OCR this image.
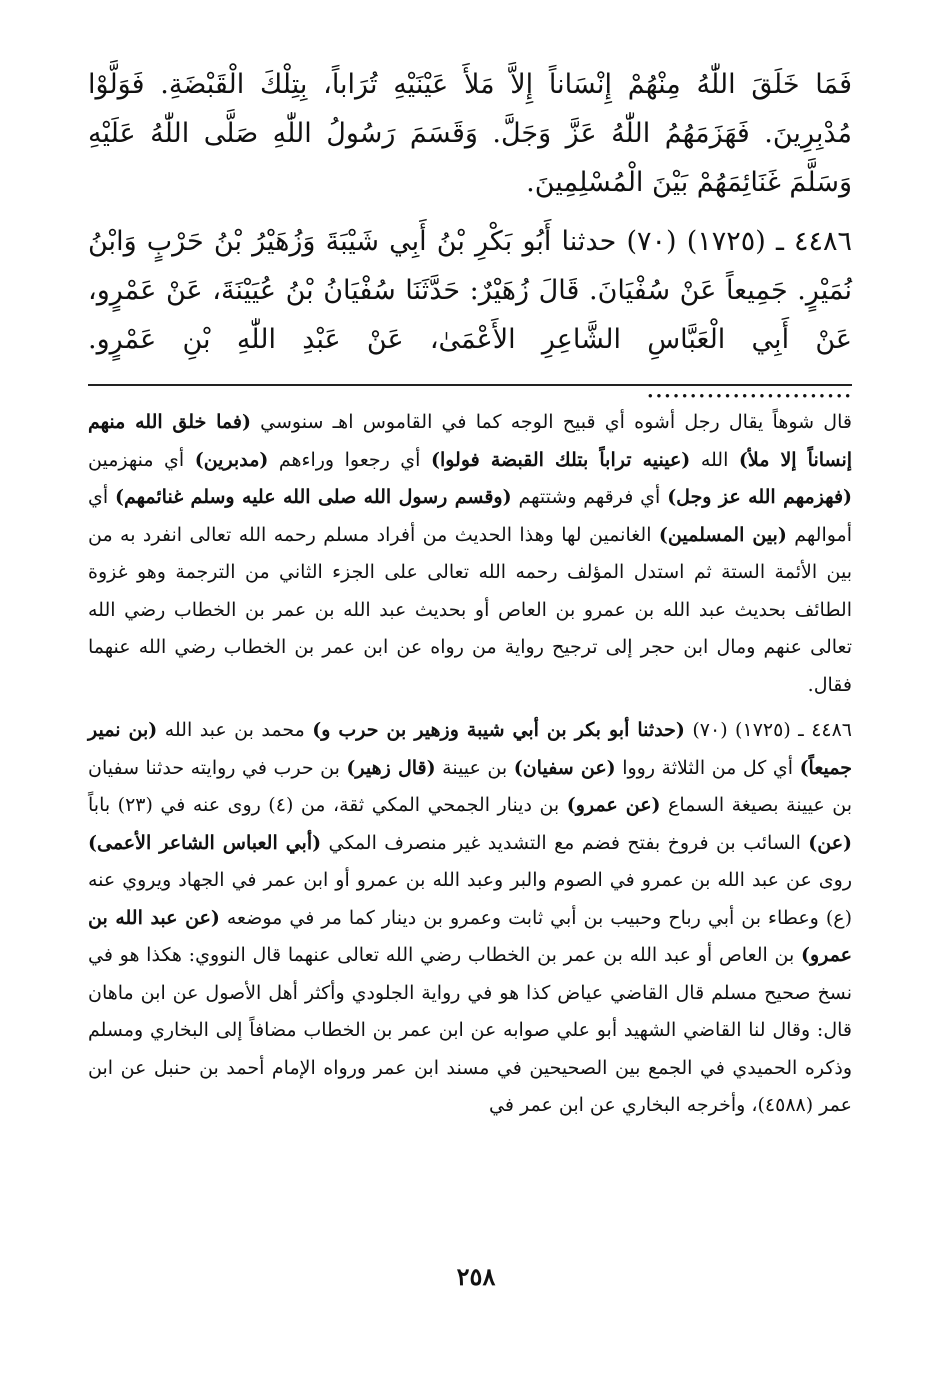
فَمَا خَلَقَ اللّٰهُ مِنْهُمْ إِنْسَاناً إِلاَّ مَلأَ عَيْنَيْهِ تُرَاباً، بِتِلْكَ الْقَبْضَةِ. فَوَلَّوْا مُدْبِرِينَ. فَهَزَمَهُمُ اللّٰهُ عَزَّ وَجَلَّ. وَقَسَمَ رَسُولُ اللّٰهِ صَلَّى اللّٰهُ عَلَيْهِ وَسَلَّمَ غَنَائِمَهُمْ بَيْنَ الْمُسْلِمِينَ.

٤٤٨٦ ـ (١٧٢٥) (٧٠) حدثنا أَبُو بَكْرِ بْنُ أَبِي شَيْبَةَ وَزُهَيْرُ بْنُ حَرْبٍ وَابْنُ نُمَيْرٍ. جَمِيعاً عَنْ سُفْيَانَ. قَالَ زُهَيْرٌ: حَدَّثَنَا سُفْيَانُ بْنُ عُيَيْنَةَ، عَنْ عَمْرٍو، عَنْ أَبِي الْعَبَّاسِ الشَّاعِرِ الأَعْمَىٰ، عَنْ عَبْدِ اللّٰهِ بْنِ عَمْرٍو. ........................

قال شوهاً يقال رجل أشوه أي قبيح الوجه كما في القاموس اهـ سنوسي (فما خلق الله منهم إنساناً إلا ملأ) الله (عينيه تراباً بتلك القبضة فولوا) أي رجعوا وراءهم (مدبرين) أي منهزمين (فهزمهم الله عز وجل) أي فرقهم وشتتهم (وقسم رسول الله صلى الله عليه وسلم غنائمهم) أي أموالهم (بين المسلمين) الغانمين لها وهذا الحديث من أفراد مسلم رحمه الله تعالى انفرد به من بين الأئمة الستة ثم استدل المؤلف رحمه الله تعالى على الجزء الثاني من الترجمة وهو غزوة الطائف بحديث عبد الله بن عمرو بن العاص أو بحديث عبد الله بن عمر بن الخطاب رضي الله تعالى عنهم ومال ابن حجر إلى ترجيح رواية من رواه عن ابن عمر بن الخطاب رضي الله عنهما فقال.

٤٤٨٦ ـ (١٧٢٥) (٧٠) (حدثنا أبو بكر بن أبي شيبة وزهير بن حرب و) محمد بن عبد الله (بن نمير جميعاً) أي كل من الثلاثة رووا (عن سفيان) بن عيينة (قال زهير) بن حرب في روايته حدثنا سفيان بن عيينة بصيغة السماع (عن عمرو) بن دينار الجمحي المكي ثقة، من (٤) روى عنه في (٢٣) باباً (عن) السائب بن فروخ بفتح فضم مع التشديد غير منصرف المكي (أبي العباس الشاعر الأعمى) روى عن عبد الله بن عمرو في الصوم والبر وعبد الله بن عمرو أو ابن عمر في الجهاد ويروي عنه (ع) وعطاء بن أبي رباح وحبيب بن أبي ثابت وعمرو بن دينار كما مر في موضعه (عن عبد الله بن عمرو) بن العاص أو عبد الله بن عمر بن الخطاب رضي الله تعالى عنهما قال النووي: هكذا هو في نسخ صحيح مسلم قال القاضي عياض كذا هو في رواية الجلودي وأكثر أهل الأصول عن ابن ماهان قال: وقال لنا القاضي الشهيد أبو علي صوابه عن ابن عمر بن الخطاب مضافاً إلى البخاري ومسلم وذكره الحميدي في الجمع بين الصحيحين في مسند ابن عمر ورواه الإمام أحمد بن حنبل عن ابن عمر (٤٥٨٨)، وأخرجه البخاري عن ابن عمر في

٢٥٨
